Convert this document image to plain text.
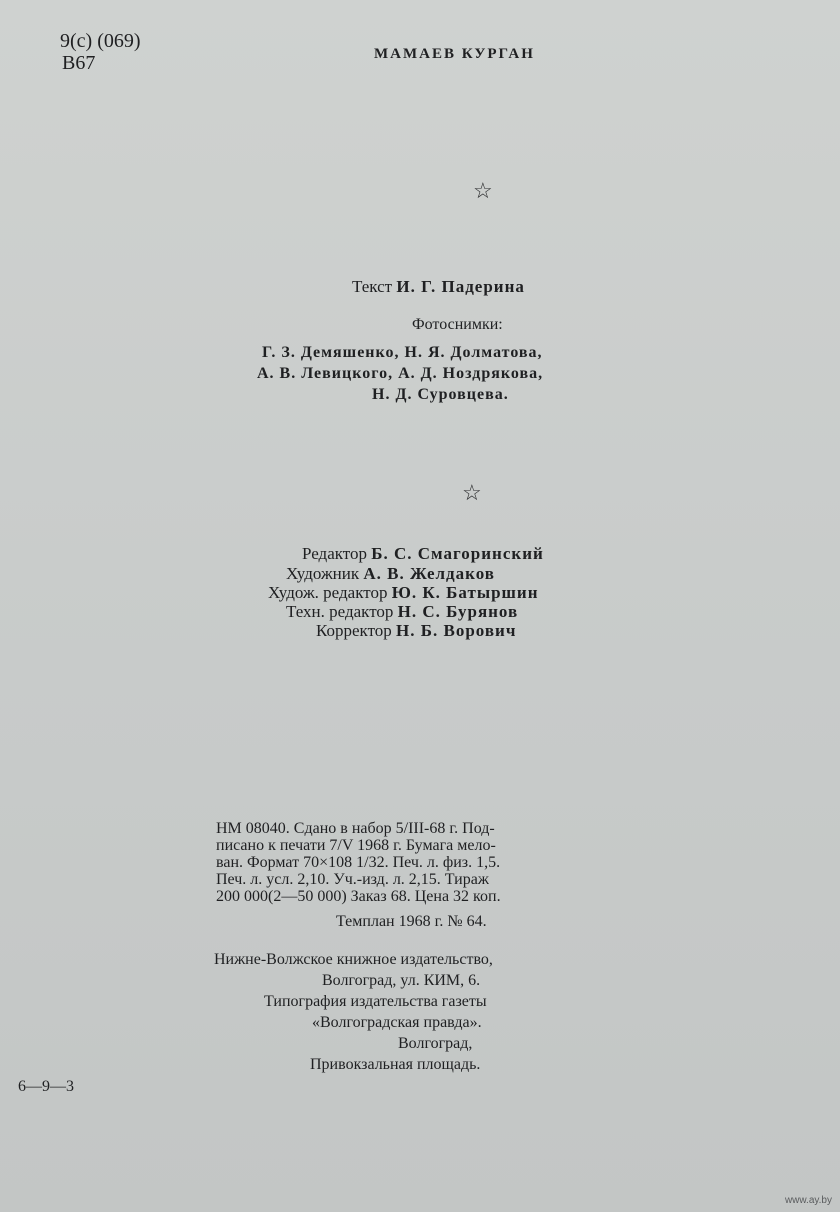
9(с) (069)
В67	МАМАЕВ КУРГАН
☆
Текст И. Г. Падерина
Фотоснимки:
Г. З. Демяшенко, Н. Я. Долматова,
А. В. Левицкого, А. Д. Ноздрякова,
Н. Д. Суровцева.
☆
Редактор Б. С. Смагоринский
Художник А. В. Желдаков
Худож. редактор Ю. К. Батыршин
Техн. редактор Н. С. Бурянов
Корректор Н. Б. Ворович
НМ 08040. Сдано в набор 5/III-68 г. Под-
писано к печати 7/V 1968 г. Бумага мело-
ван. Формат 70×108 1/32. Печ. л. физ. 1,5.
Печ. л. усл. 2,10. Уч.-изд. л. 2,15. Тираж
200 000(2—50 000) Заказ 68. Цена 32 коп.
Темплан 1968 г. № 64.
Нижне-Волжское книжное издательство,
Волгоград, ул. КИМ, 6.
Типография издательства газеты
«Волгоградская правда».
Волгоград,
Привокзальная площадь.
6—9—3
www.ay.by
